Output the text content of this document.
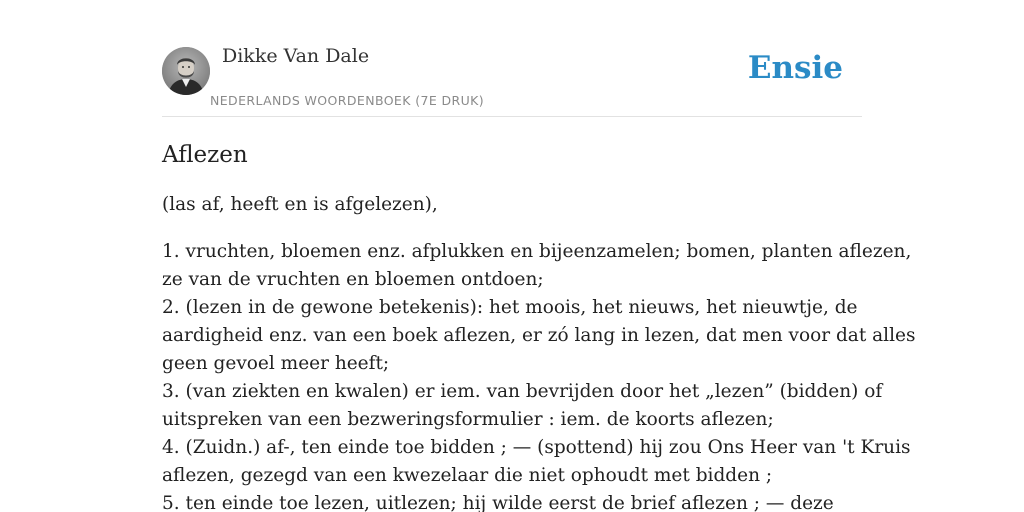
Dikke Van Dale
NEDERLANDS WOORDENBOEK (7E DRUK)
Ensie
Aflezen

(las af, heeft en is afgelezen),

1. vruchten, bloemen enz. afplukken en bijeenzamelen; bomen, planten aflezen,
ze van de vruchten en bloemen ontdoen;
2. (lezen in de gewone betekenis): het moois, het nieuws, het nieuwtje, de
aardigheid enz. van een boek aflezen, er zó lang in lezen, dat men voor dat alles
geen gevoel meer heeft;
3. (van ziekten en kwalen) er iem. van bevrijden door het „lezen” (bidden) of
uitspreken van een bezweringsformulier : iem. de koorts aflezen;
4. (Zuidn.) af-, ten einde toe bidden ; — (spottend) hij zou Ons Heer van 't Kruis
aflezen, gezegd van een kwezelaar die niet ophoudt met bidden ;
5. ten einde toe lezen, uitlezen; hij wilde eerst de brief aflezen ; — deze
